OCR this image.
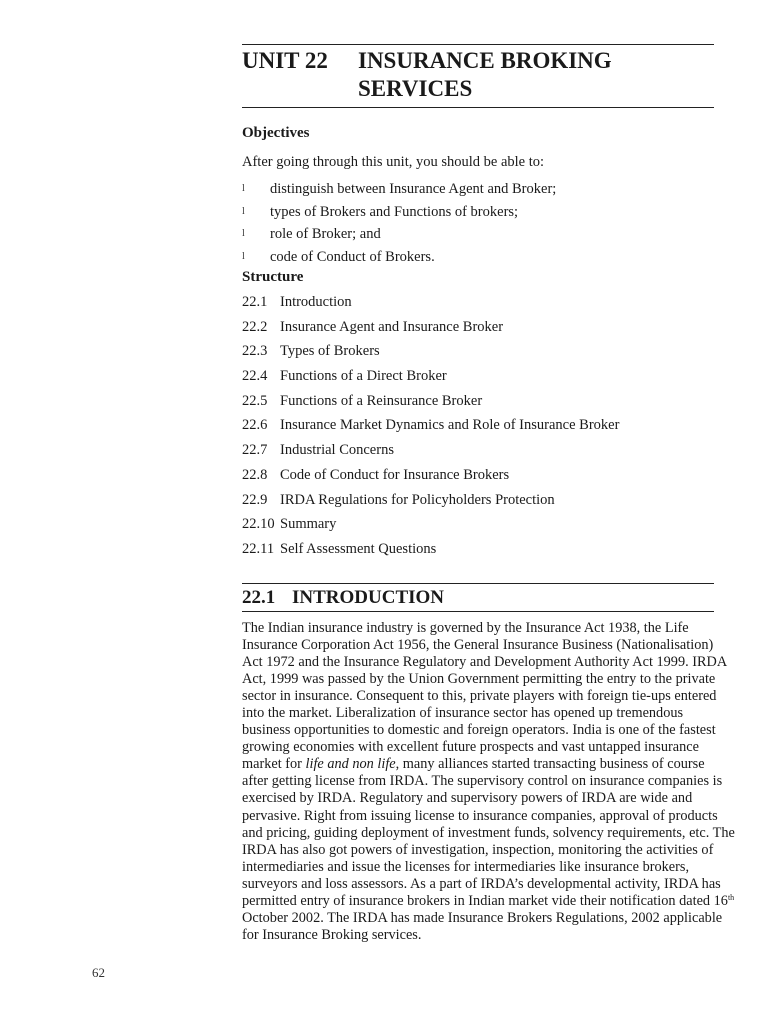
UNIT 22 INSURANCE BROKING
SERVICES
Objectives
After going through this unit, you should be able to:
l distinguish between Insurance Agent and Broker;
l types of Brokers and Functions of brokers;
l role of Broker; and
l code of Conduct of Brokers.
Structure
22.1 Introduction
22.2 Insurance Agent and Insurance Broker
22.3 Types of Brokers
22.4 Functions of a Direct Broker
22.5 Functions of a Reinsurance Broker
22.6 Insurance Market Dynamics and Role of Insurance Broker
22.7 Industrial Concerns
22.8 Code of Conduct for Insurance Brokers
22.9 IRDA Regulations for Policyholders Protection
22.10 Summary
22.11 Self Assessment Questions
22.1 INTRODUCTION
The Indian insurance industry is governed by the Insurance Act 1938, the Life
Insurance Corporation Act 1956, the General Insurance Business (Nationalisation)
Act 1972 and the Insurance Regulatory and Development Authority Act 1999. IRDA
Act, 1999 was passed by the Union Government permitting the entry to the private
sector in insurance. Consequent to this, private players with foreign tie-ups entered
into the market. Liberalization of insurance sector has opened up tremendous
business opportunities to domestic and foreign operators. India is one of the fastest
growing economies with excellent future prospects and vast untapped insurance
market for life and non life, many alliances started transacting business of course
after getting license from IRDA. The supervisory control on insurance companies is
exercised by IRDA. Regulatory and supervisory powers of IRDA are wide and
pervasive. Right from issuing license to insurance companies, approval of products
and pricing, guiding deployment of investment funds, solvency requirements, etc. The
IRDA has also got powers of investigation, inspection, monitoring the activities of
intermediaries and issue the licenses for intermediaries like insurance brokers,
surveyors and loss assessors. As a part of IRDA’s developmental activity, IRDA has
permitted entry of insurance brokers in Indian market vide their notification dated 16th
October 2002. The IRDA has made Insurance Brokers Regulations, 2002 applicable
for Insurance Broking services.
62
